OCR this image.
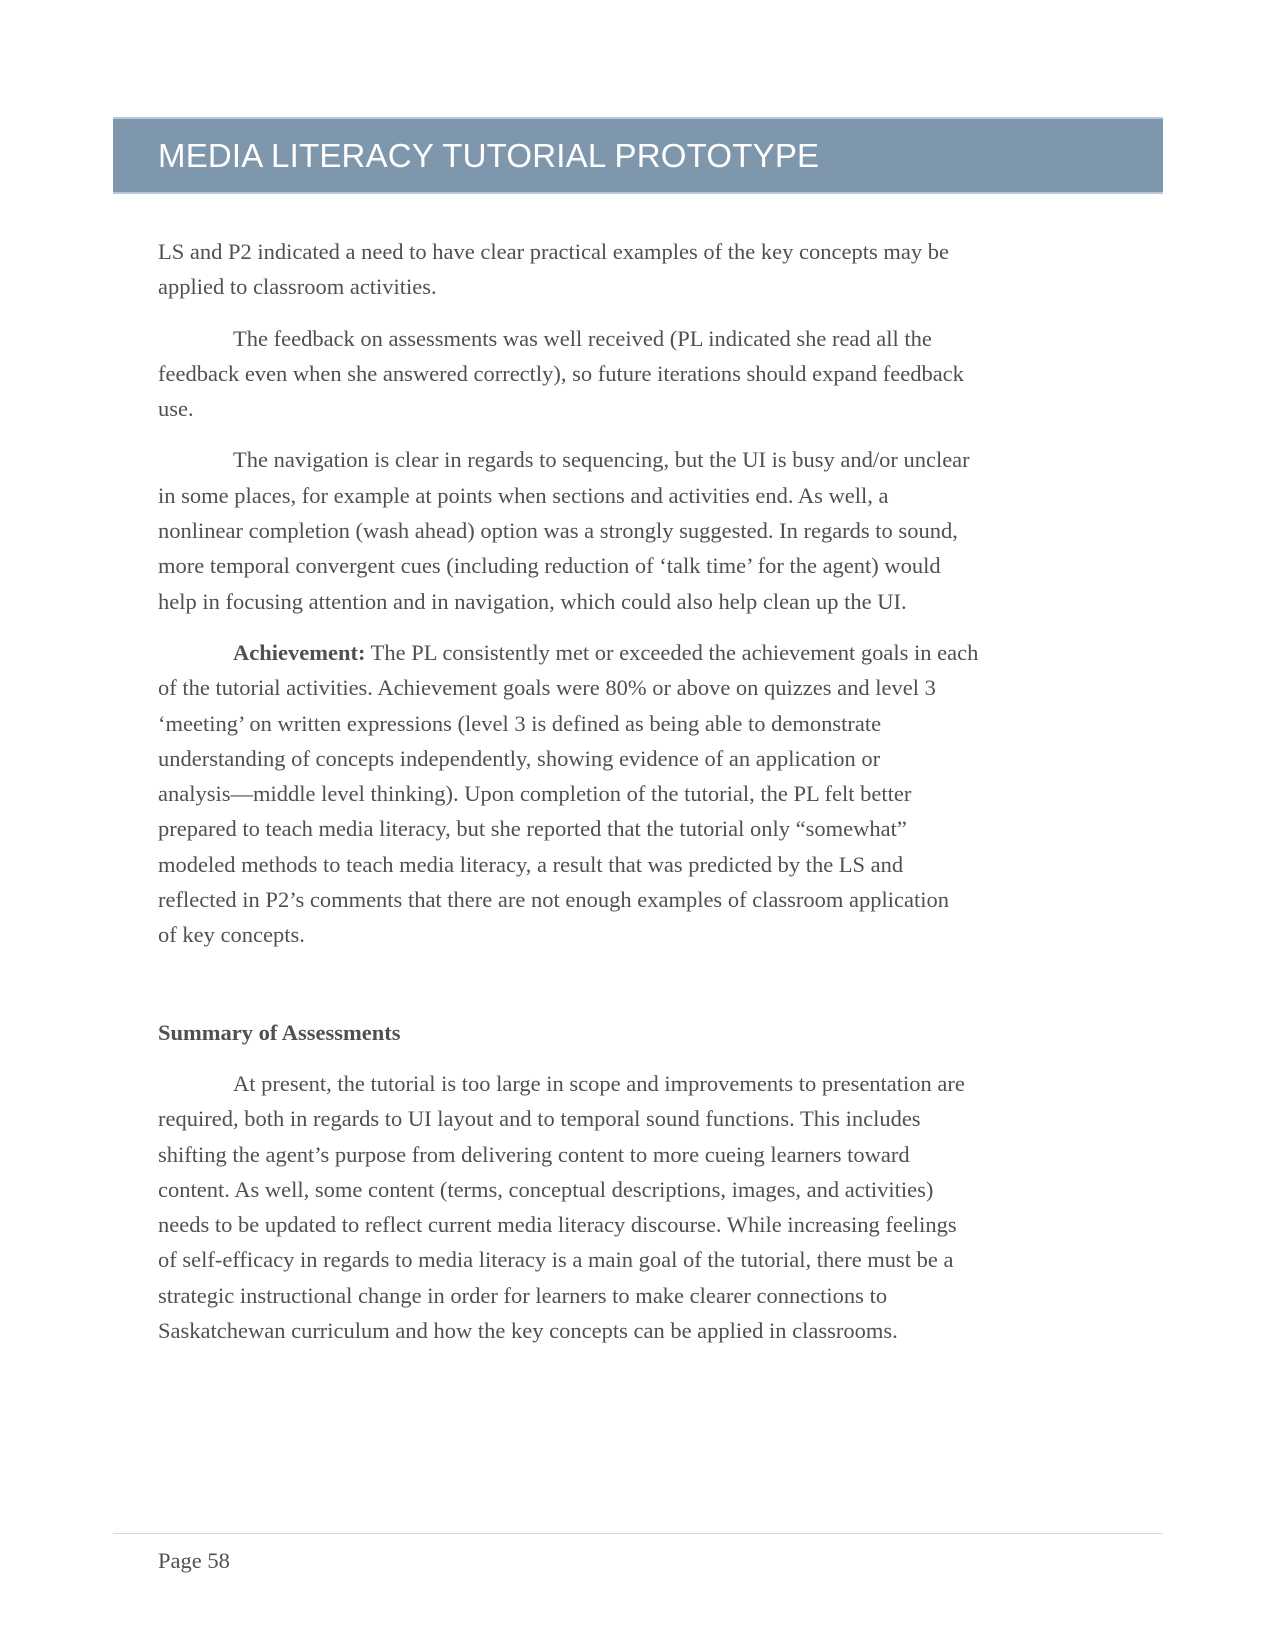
MEDIA LITERACY TUTORIAL PROTOTYPE
LS and P2 indicated a need to have clear practical examples of the key concepts may be
applied to classroom activities.
The feedback on assessments was well received (PL indicated she read all the
feedback even when she answered correctly), so future iterations should expand feedback
use.
The navigation is clear in regards to sequencing, but the UI is busy and/or unclear
in some places, for example at points when sections and activities end. As well, a
nonlinear completion (wash ahead) option was a strongly suggested. In regards to sound,
more temporal convergent cues (including reduction of ‘talk time’ for the agent) would
help in focusing attention and in navigation, which could also help clean up the UI.
Achievement: The PL consistently met or exceeded the achievement goals in each
of the tutorial activities. Achievement goals were 80% or above on quizzes and level 3
‘meeting’ on written expressions (level 3 is defined as being able to demonstrate
understanding of concepts independently, showing evidence of an application or
analysis—middle level thinking). Upon completion of the tutorial, the PL felt better
prepared to teach media literacy, but she reported that the tutorial only “somewhat”
modeled methods to teach media literacy, a result that was predicted by the LS and
reflected in P2’s comments that there are not enough examples of classroom application
of key concepts.
Summary of Assessments
At present, the tutorial is too large in scope and improvements to presentation are
required, both in regards to UI layout and to temporal sound functions. This includes
shifting the agent’s purpose from delivering content to more cueing learners toward
content. As well, some content (terms, conceptual descriptions, images, and activities)
needs to be updated to reflect current media literacy discourse. While increasing feelings
of self-efficacy in regards to media literacy is a main goal of the tutorial, there must be a
strategic instructional change in order for learners to make clearer connections to
Saskatchewan curriculum and how the key concepts can be applied in classrooms.
Page 58
